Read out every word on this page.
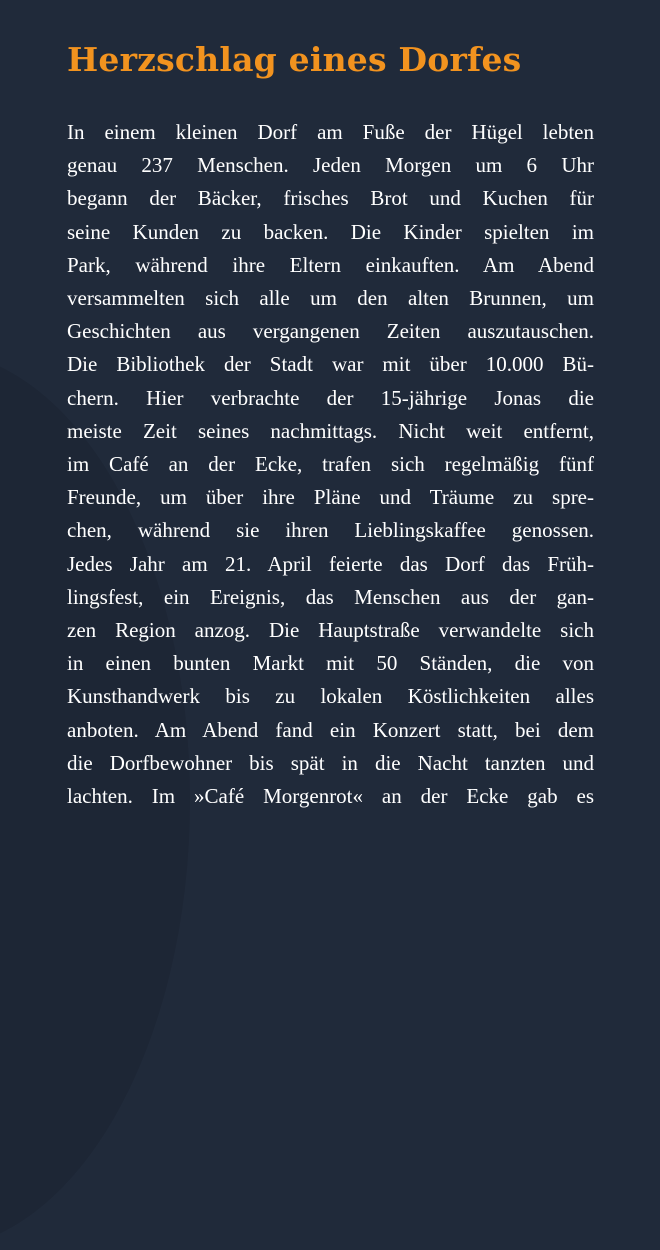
Herzschlag eines Dorfes
In einem kleinen Dorf am Fuße der Hügel lebten
genau 237 Menschen. Jeden Morgen um 6 Uhr
begann der Bäcker, frisches Brot und Kuchen für
seine Kunden zu backen. Die Kinder spielten im
Park, während ihre Eltern einkauften. Am Abend
versammelten sich alle um den alten Brunnen, um
Geschichten aus vergangenen Zeiten auszutauschen.
Die Bibliothek der Stadt war mit über 10.000 Bü-
chern. Hier verbrachte der 15-jährige Jonas die
meiste Zeit seines nachmittags. Nicht weit entfernt,
im Café an der Ecke, trafen sich regelmäßig fünf
Freunde, um über ihre Pläne und Träume zu spre-
chen, während sie ihren Lieblingskaffee genossen.
Jedes Jahr am 21. April feierte das Dorf das Früh-
lingsfest, ein Ereignis, das Menschen aus der gan-
zen Region anzog. Die Hauptstraße verwandelte sich
in einen bunten Markt mit 50 Ständen, die von
Kunsthandwerk bis zu lokalen Köstlichkeiten alles
anboten. Am Abend fand ein Konzert statt, bei dem
die Dorfbewohner bis spät in die Nacht tanzten und
lachten. Im »Café Morgenrot« an der Ecke gab es
